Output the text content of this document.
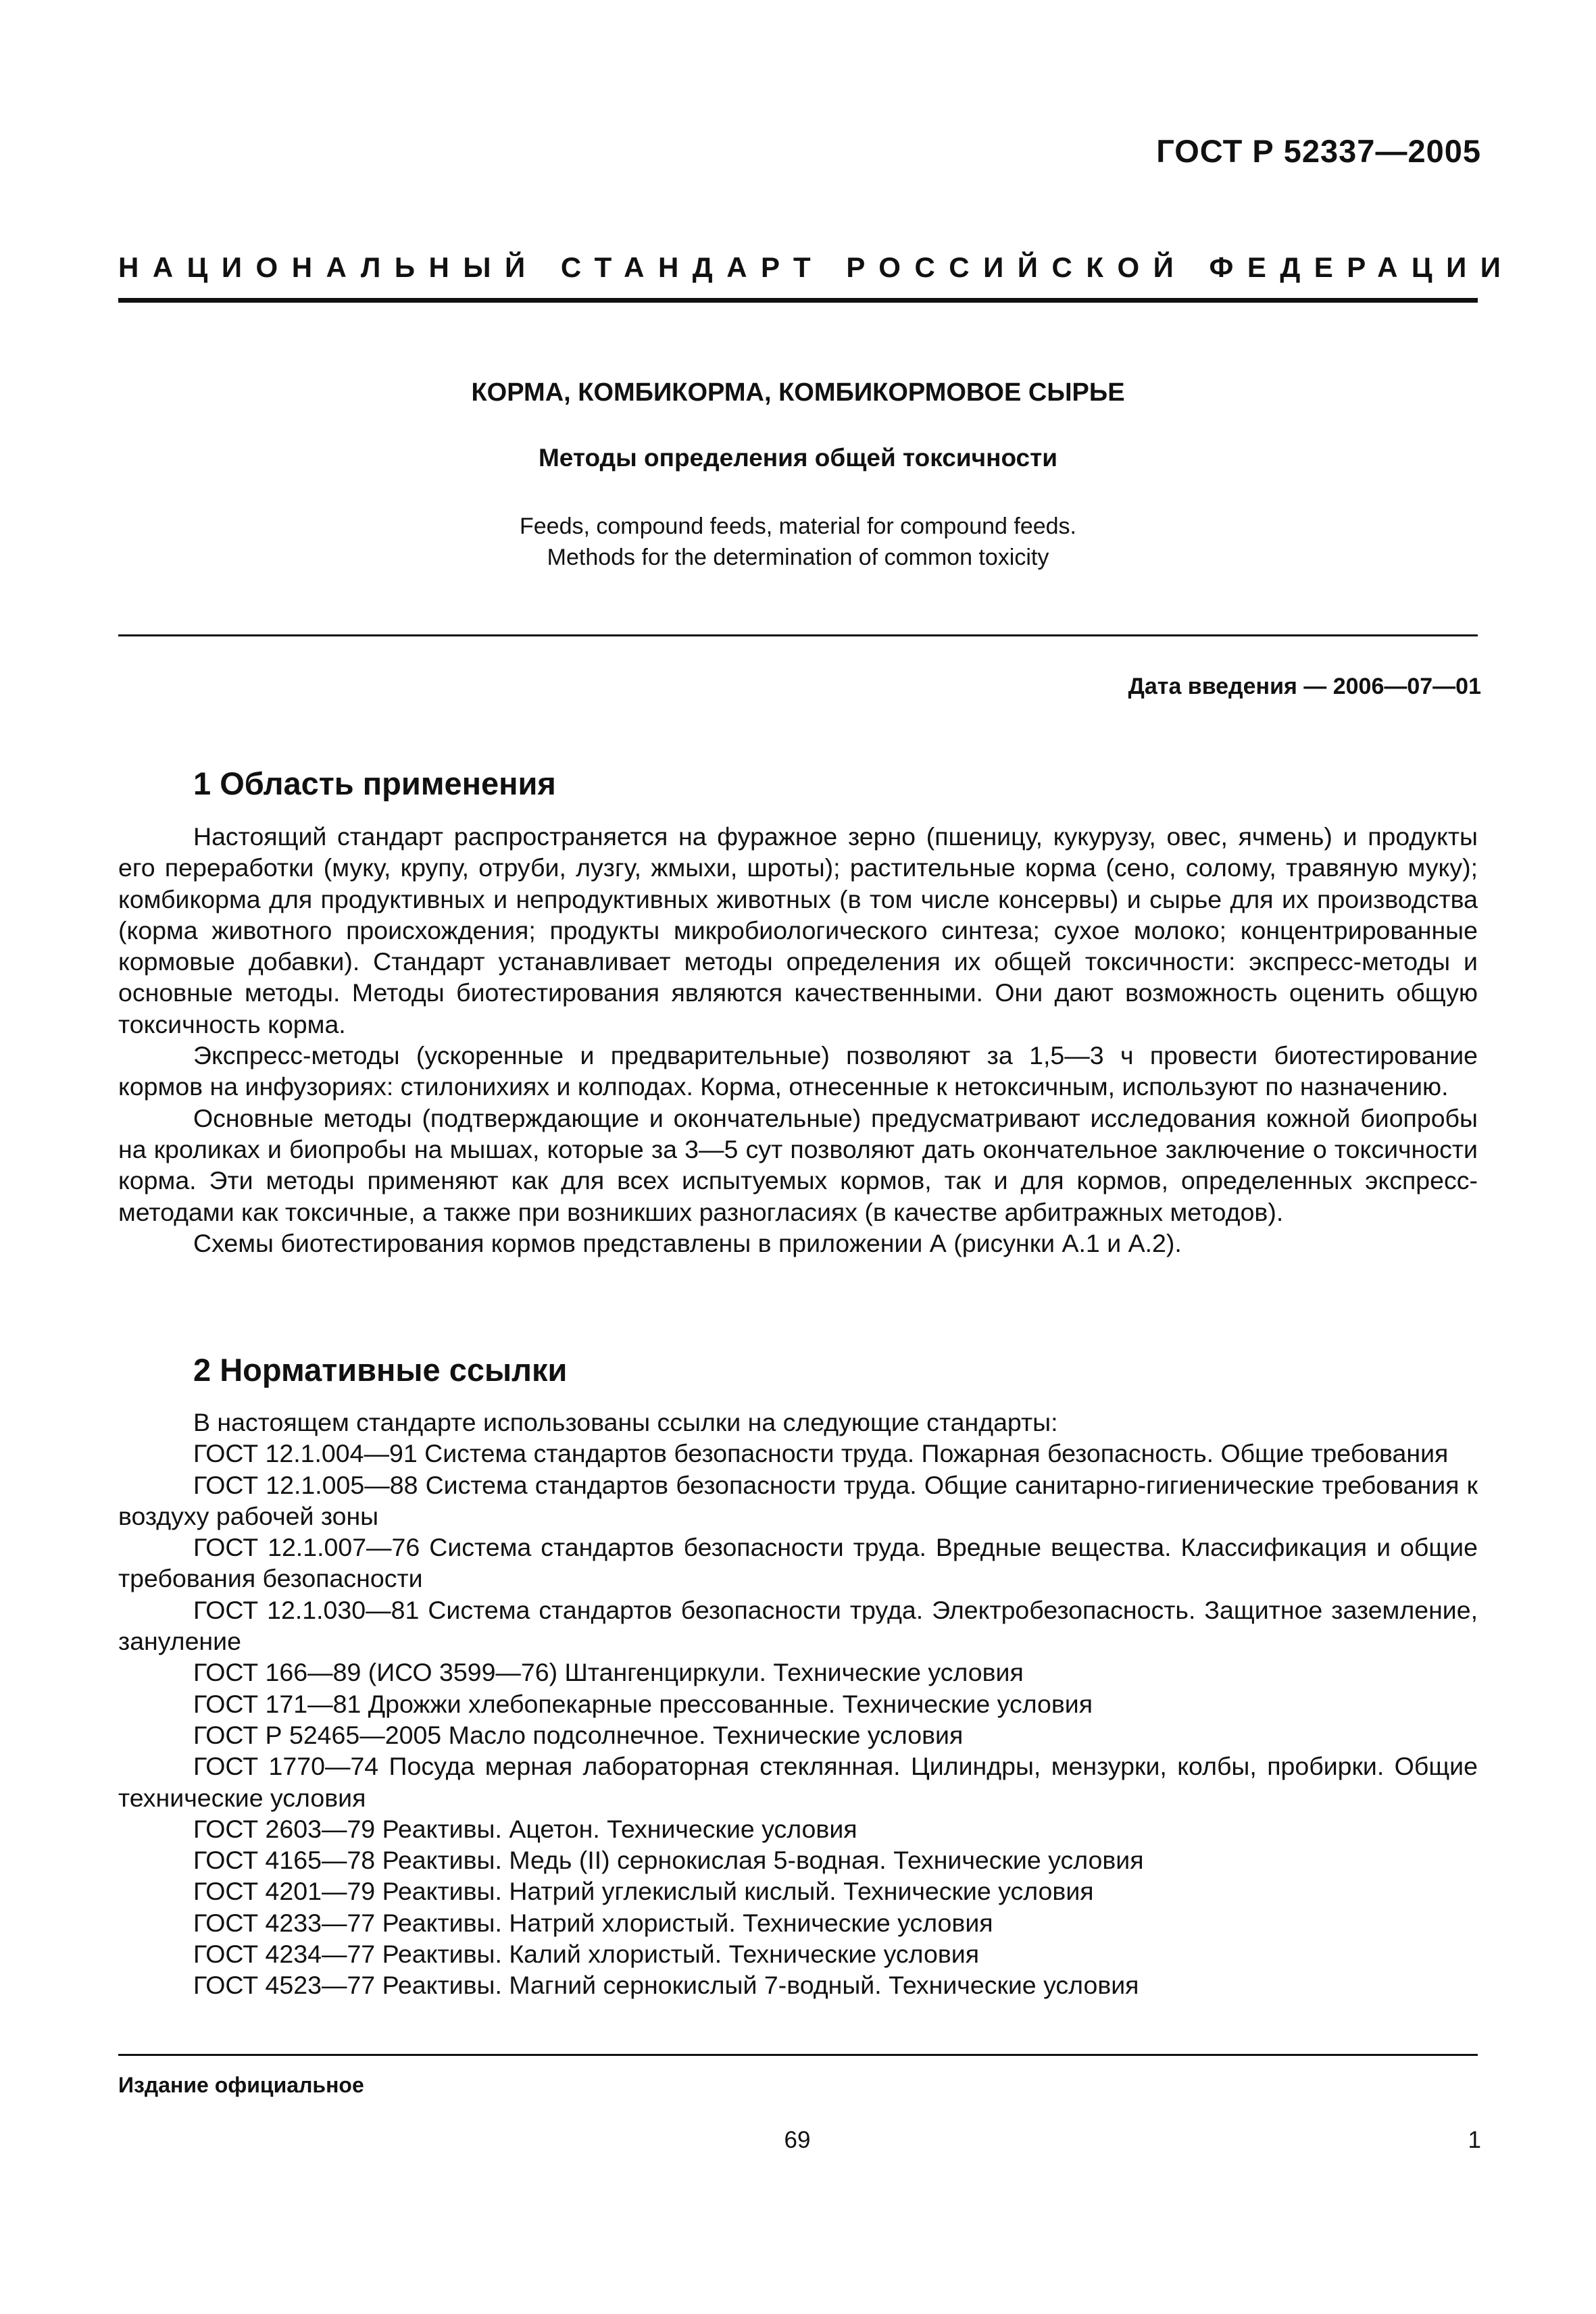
ГОСТ Р 52337—2005
НАЦИОНАЛЬНЫЙ СТАНДАРТ РОССИЙСКОЙ ФЕДЕРАЦИИ
КОРМА, КОМБИКОРМА, КОМБИКОРМОВОЕ СЫРЬЕ
Методы определения общей токсичности
Feeds, compound feeds, material for compound feeds.
Methods for the determination of common toxicity
Дата введения — 2006—07—01
1 Область применения

Настоящий стандарт распространяется на фуражное зерно (пшеницу, кукурузу, овес, ячмень) и продукты его переработки (муку, крупу, отруби, лузгу, жмыхи, шроты); растительные корма (сено, солому, травяную муку); комбикорма для продуктивных и непродуктивных животных (в том числе консервы) и сырье для их производства (корма животного происхождения; продукты микробиологического синтеза; сухое молоко; концентрированные кормовые добавки). Стандарт устанавливает методы определения их общей токсичности: экспресс-методы и основные методы. Методы биотестирования являются качественными. Они дают возможность оценить общую токсичность корма.

Экспресс-методы (ускоренные и предварительные) позволяют за 1,5—3 ч провести биотестирование кормов на инфузориях: стилонихиях и колподах. Корма, отнесенные к нетоксичным, используют по назначению.

Основные методы (подтверждающие и окончательные) предусматривают исследования кожной биопробы на кроликах и биопробы на мышах, которые за 3—5 сут позволяют дать окончательное заключение о токсичности корма. Эти методы применяют как для всех испытуемых кормов, так и для кормов, определенных экспресс-методами как токсичные, а также при возникших разногласиях (в качестве арбитражных методов).

Схемы биотестирования кормов представлены в приложении А (рисунки А.1 и А.2).

2 Нормативные ссылки

В настоящем стандарте использованы ссылки на следующие стандарты:

ГОСТ 12.1.004—91 Система стандартов безопасности труда. Пожарная безопасность. Общие требования

ГОСТ 12.1.005—88 Система стандартов безопасности труда. Общие санитарно-гигиенические требования к воздуху рабочей зоны

ГОСТ 12.1.007—76 Система стандартов безопасности труда. Вредные вещества. Классификация и общие требования безопасности

ГОСТ 12.1.030—81 Система стандартов безопасности труда. Электробезопасность. Защитное заземление, зануление

ГОСТ 166—89 (ИСО 3599—76) Штангенциркули. Технические условия

ГОСТ 171—81 Дрожжи хлебопекарные прессованные. Технические условия

ГОСТ Р 52465—2005 Масло подсолнечное. Технические условия

ГОСТ 1770—74 Посуда мерная лабораторная стеклянная. Цилиндры, мензурки, колбы, пробирки. Общие технические условия

ГОСТ 2603—79 Реактивы. Ацетон. Технические условия

ГОСТ 4165—78 Реактивы. Медь (II) сернокислая 5-водная. Технические условия

ГОСТ 4201—79 Реактивы. Натрий углекислый кислый. Технические условия

ГОСТ 4233—77 Реактивы. Натрий хлористый. Технические условия

ГОСТ 4234—77 Реактивы. Калий хлористый. Технические условия

ГОСТ 4523—77 Реактивы. Магний сернокислый 7-водный. Технические условия

Издание официальное
69	1
